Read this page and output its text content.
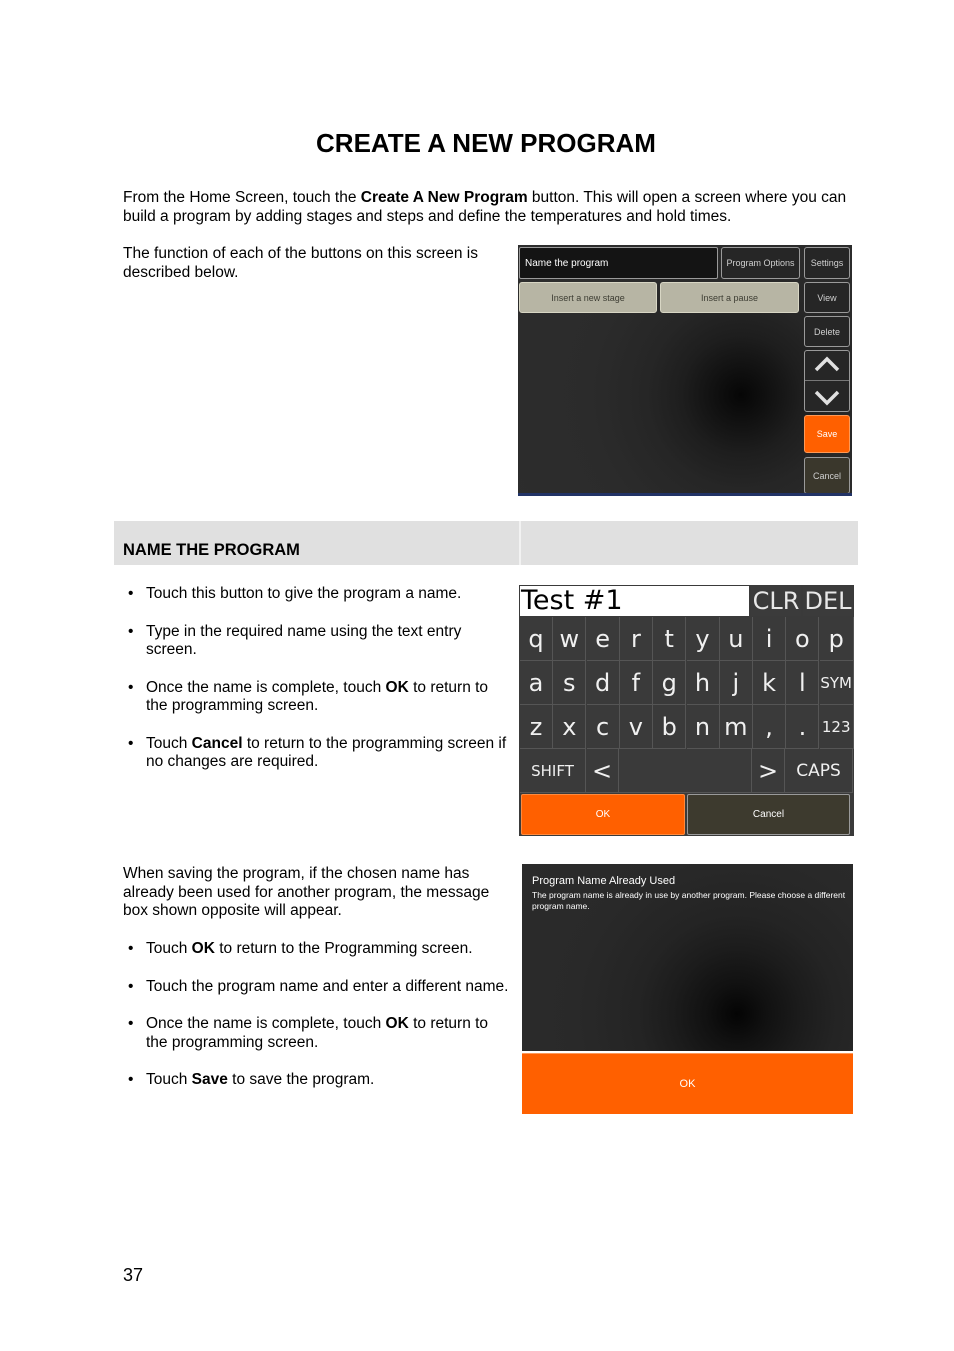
CREATE A NEW PROGRAM

From the Home Screen, touch the Create A New Program button. This will open a screen where you can build a program by adding stages and steps and define the temperatures and hold times.

The function of each of the buttons on this screen is described below.

Name the program	Program Options	Settings
Insert a new stage	Insert a pause	View
Delete
Save
Cancel
NAME THE PROGRAM
• Touch this button to give the program a name.
• Type in the required name using the text entry screen.
• Once the name is complete, touch OK to return to the programming screen.
• Touch Cancel to return to the programming screen if no changes are required.
Test #1	CLR DEL
q w e r t y u i o p
a s d f g h j k l SYM
z x c v b n m ,	.	123
SHIFT <	>	CAPS
OK	Cancel

When saving the program, if the chosen name has already been used for another program, the message box shown opposite will appear.

• Touch OK to return to the Programming screen.
• Touch the program name and enter a different name.
• Once the name is complete, touch OK to return to the programming screen.
• Touch Save to save the program.
Program Name Already Used
The program name is already in use by another program. Please choose a different program name.
OK
37
